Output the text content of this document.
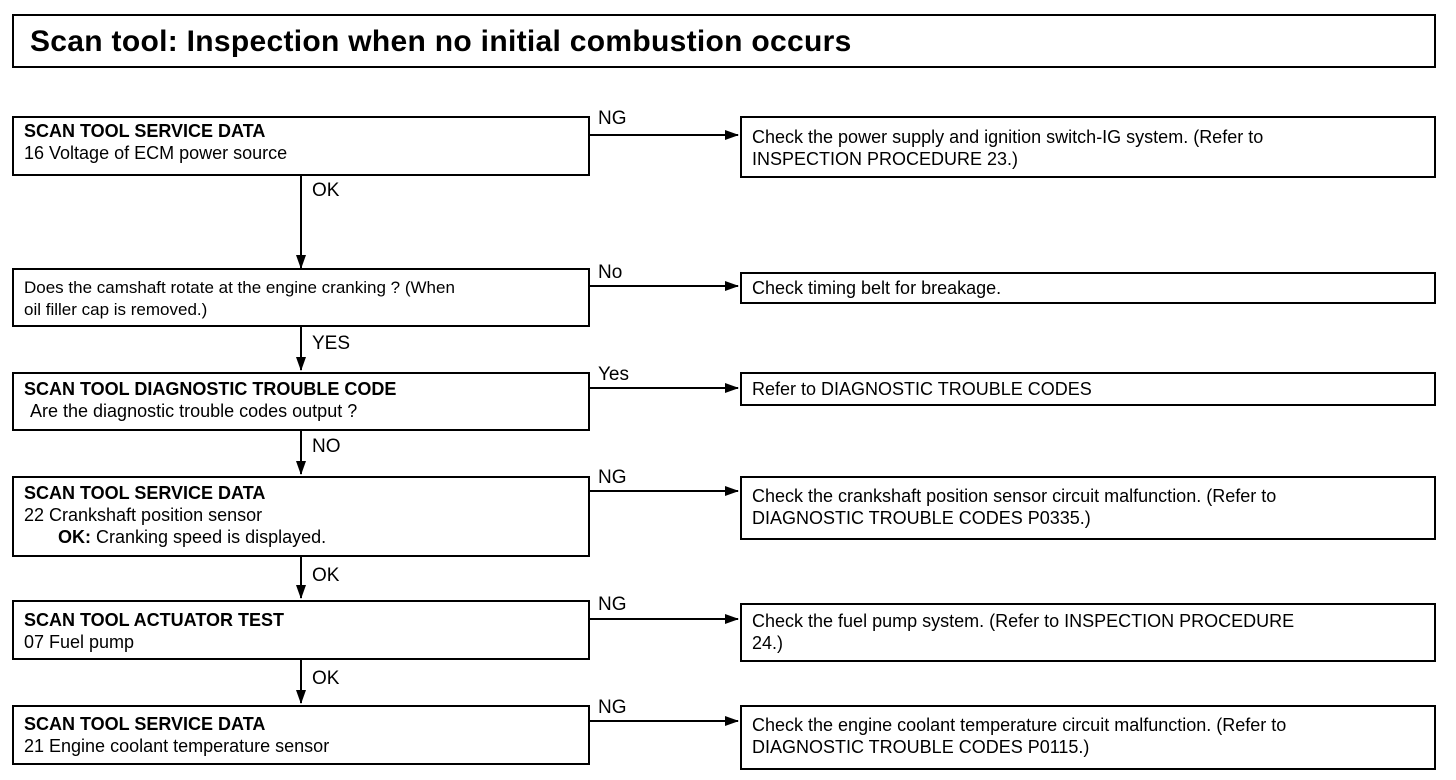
Scan tool: Inspection when no initial combustion occurs
SCAN TOOL SERVICE DATA
16 Voltage of ECM power source
NG
Check the power supply and ignition switch-IG system. (Refer to
INSPECTION PROCEDURE 23.)
OK
Does the camshaft rotate at the engine cranking ? (When
oil filler cap is removed.)
No
Check timing belt for breakage.
YES
SCAN TOOL DIAGNOSTIC TROUBLE CODE
Are the diagnostic trouble codes output ?
Yes
Refer to DIAGNOSTIC TROUBLE CODES
NO
SCAN TOOL SERVICE DATA
22 Crankshaft position sensor
OK: Cranking speed is displayed.
NG
Check the crankshaft position sensor circuit malfunction. (Refer to
DIAGNOSTIC TROUBLE CODES P0335.)
OK
SCAN TOOL ACTUATOR TEST
07 Fuel pump
NG
Check the fuel pump system. (Refer to INSPECTION PROCEDURE
24.)
OK
SCAN TOOL SERVICE DATA
21 Engine coolant temperature sensor
NG
Check the engine coolant temperature circuit malfunction. (Refer to
DIAGNOSTIC TROUBLE CODES P0115.)
